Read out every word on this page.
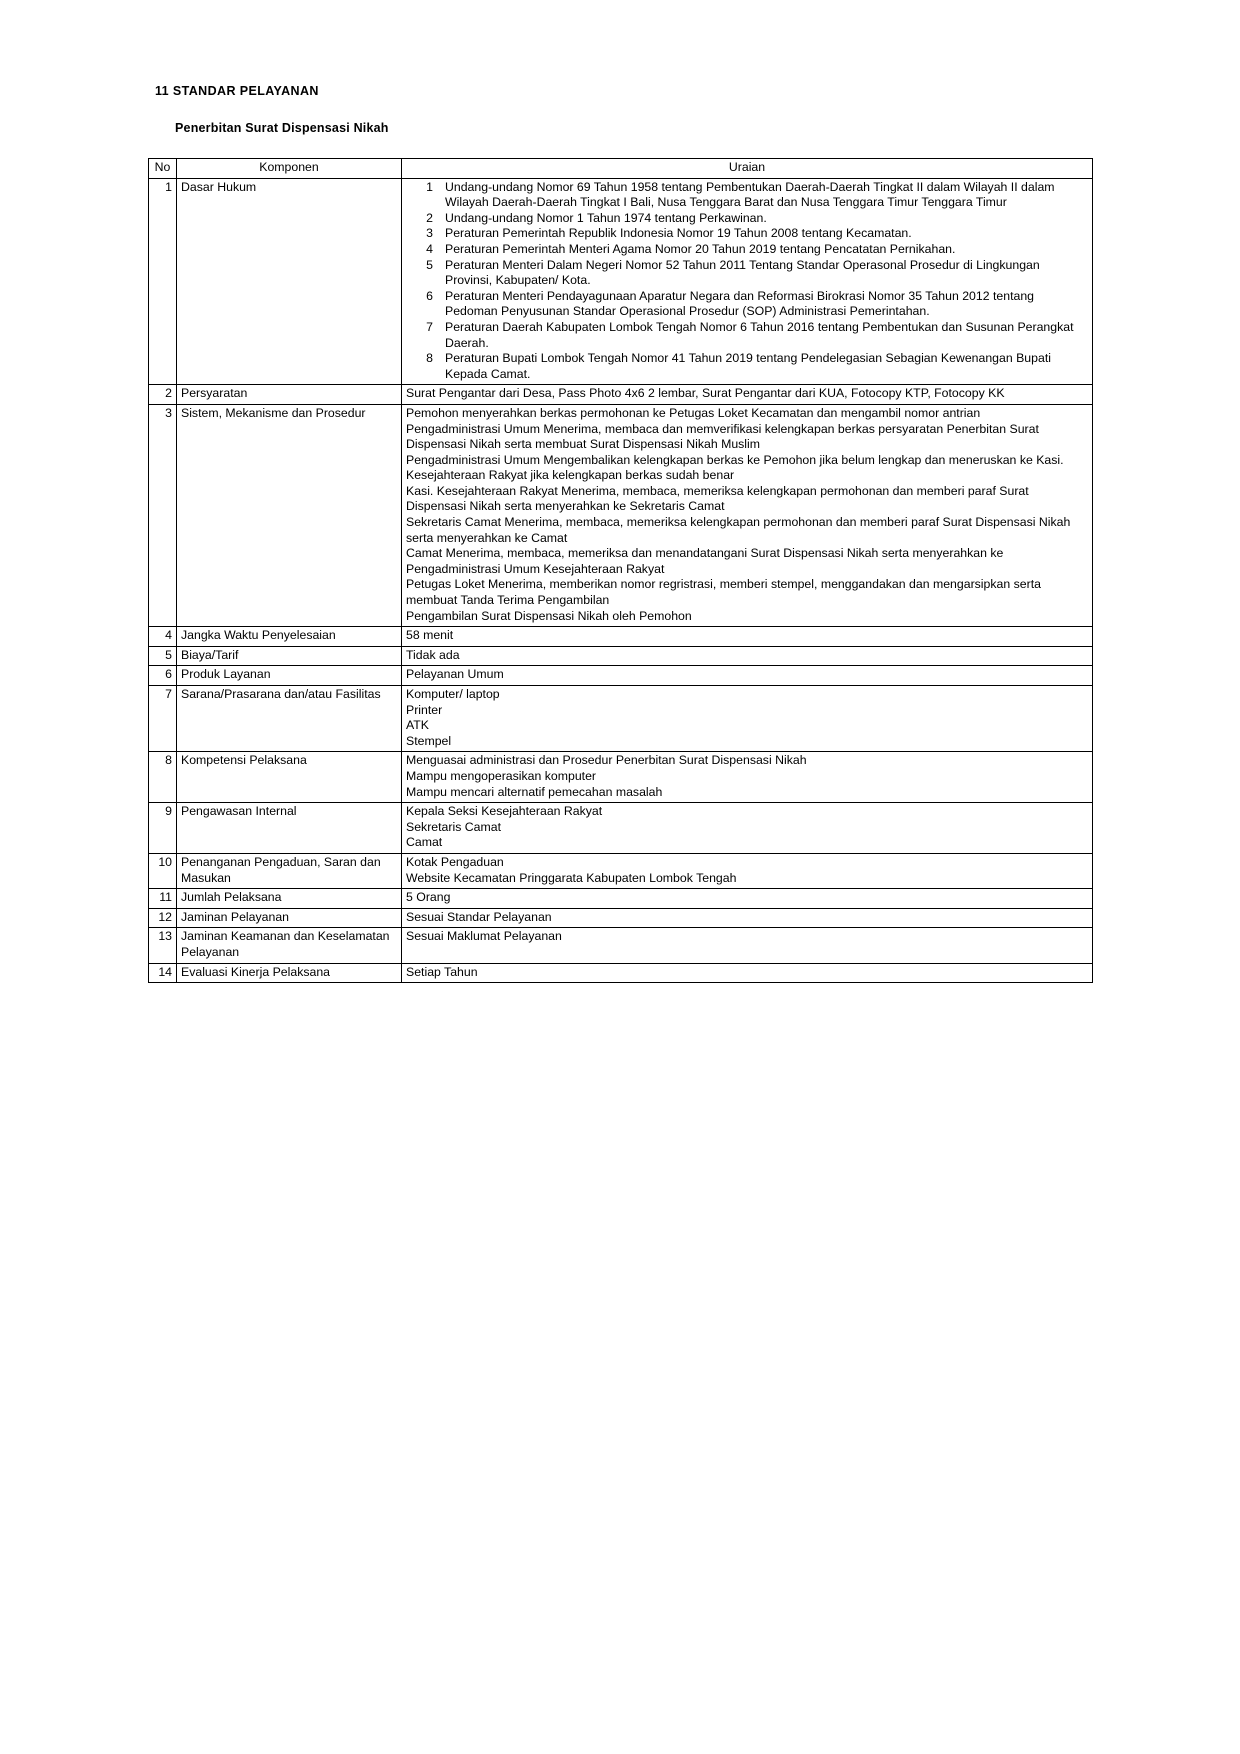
11 STANDAR PELAYANAN
Penerbitan Surat Dispensasi Nikah
No	Komponen	Uraian
1	Dasar Hukum	Undang-undang Nomor 69 Tahun 1958 tentang Pembentukan Daerah-Daerah Tingkat II dalam Wilayah II dalam Wilayah Daerah-Daerah Tingkat I Bali, Nusa Tenggara Barat dan Nusa Tenggara Timur Tenggara Timur
Undang-undang Nomor 1 Tahun 1974 tentang Perkawinan.
Peraturan Pemerintah Republik Indonesia Nomor 19 Tahun 2008 tentang Kecamatan.
Peraturan Pemerintah Menteri Agama Nomor 20 Tahun 2019 tentang Pencatatan Pernikahan.
Peraturan Menteri Dalam Negeri Nomor 52 Tahun 2011 Tentang Standar Operasonal Prosedur di Lingkungan Provinsi, Kabupaten/ Kota.
Peraturan Menteri Pendayagunaan Aparatur Negara dan Reformasi Birokrasi Nomor 35 Tahun 2012 tentang Pedoman Penyusunan Standar Operasional Prosedur (SOP) Administrasi Pemerintahan.
Peraturan Daerah Kabupaten Lombok Tengah Nomor 6 Tahun 2016 tentang Pembentukan dan Susunan Perangkat Daerah.
Peraturan Bupati Lombok Tengah Nomor 41 Tahun 2019 tentang Pendelegasian Sebagian Kewenangan Bupati Kepada Camat.

2	Persyaratan	Surat Pengantar dari Desa, Pass Photo 4x6 2 lembar, Surat Pengantar dari KUA, Fotocopy KTP, Fotocopy KK

3	Sistem, Mekanisme dan Prosedur	Pemohon menyerahkan berkas permohonan ke Petugas Loket Kecamatan dan mengambil nomor antrian
Pengadministrasi Umum Menerima, membaca dan memverifikasi kelengkapan berkas persyaratan Penerbitan Surat Dispensasi Nikah serta membuat Surat Dispensasi Nikah Muslim
Pengadministrasi Umum Mengembalikan kelengkapan berkas ke Pemohon jika belum lengkap dan meneruskan ke Kasi. Kesejahteraan Rakyat jika kelengkapan berkas sudah benar
Kasi. Kesejahteraan Rakyat Menerima, membaca, memeriksa kelengkapan permohonan dan memberi paraf Surat Dispensasi Nikah serta menyerahkan ke Sekretaris Camat
Sekretaris Camat Menerima, membaca, memeriksa kelengkapan permohonan dan memberi paraf Surat Dispensasi Nikah serta menyerahkan ke Camat
Camat Menerima, membaca, memeriksa dan menandatangani Surat Dispensasi Nikah serta menyerahkan ke Pengadministrasi Umum Kesejahteraan Rakyat
Petugas Loket Menerima, memberikan nomor regristrasi, memberi stempel, menggandakan dan mengarsipkan serta membuat Tanda Terima Pengambilan
Pengambilan Surat Dispensasi Nikah oleh Pemohon

4	Jangka Waktu Penyelesaian	58 menit

5	Biaya/Tarif	Tidak ada

6	Produk Layanan	Pelayanan Umum

7	Sarana/Prasarana dan/atau Fasilitas	Komputer/ laptop
Printer
ATK
Stempel

8	Kompetensi Pelaksana	Menguasai administrasi dan Prosedur Penerbitan Surat Dispensasi Nikah
Mampu mengoperasikan komputer
Mampu mencari alternatif pemecahan masalah

9	Pengawasan Internal	Kepala Seksi Kesejahteraan Rakyat
Sekretaris Camat
Camat

10	Penanganan Pengaduan, Saran dan Masukan	Kotak Pengaduan
Website Kecamatan Pringgarata Kabupaten Lombok Tengah

11	Jumlah Pelaksana	5 Orang

12	Jaminan Pelayanan	Sesuai Standar Pelayanan

13	Jaminan Keamanan dan Keselamatan Pelayanan	Sesuai Maklumat Pelayanan

14	Evaluasi Kinerja Pelaksana	Setiap Tahun
